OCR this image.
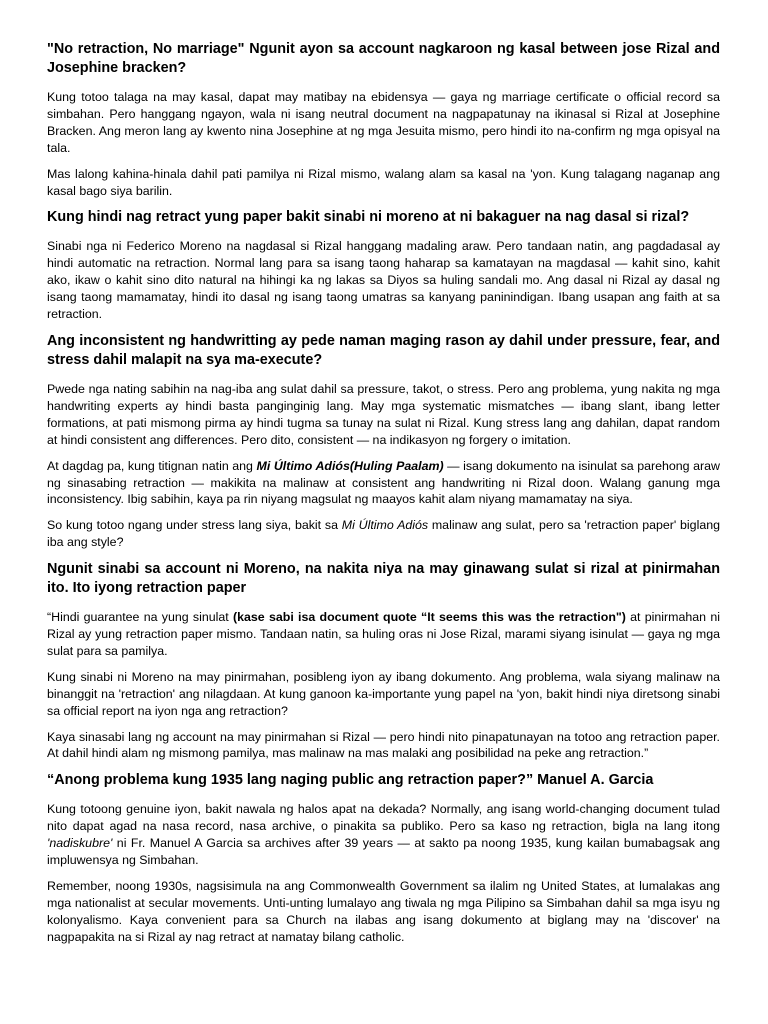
"No retraction, No marriage" Ngunit ayon sa account nagkaroon ng kasal between jose Rizal and Josephine bracken?

Kung totoo talaga na may kasal, dapat may matibay na ebidensya — gaya ng marriage certificate o official record sa simbahan. Pero hanggang ngayon, wala ni isang neutral document na nagpapatunay na ikinasal si Rizal at Josephine Bracken. Ang meron lang ay kwento nina Josephine at ng mga Jesuita mismo, pero hindi ito na-confirm ng mga opisyal na tala.

Mas lalong kahina-hinala dahil pati pamilya ni Rizal mismo, walang alam sa kasal na 'yon. Kung talagang naganap ang kasal bago siya barilin.

Kung hindi nag retract yung paper bakit sinabi ni moreno at ni bakaguer na nag dasal si rizal?

Sinabi nga ni Federico Moreno na nagdasal si Rizal hanggang madaling araw. Pero tandaan natin, ang pagdadasal ay hindi automatic na retraction. Normal lang para sa isang taong haharap sa kamatayan na magdasal — kahit sino, kahit ako, ikaw o kahit sino dito natural na hihingi ka ng lakas sa Diyos sa huling sandali mo. Ang dasal ni Rizal ay dasal ng isang taong mamamatay, hindi ito dasal ng isang taong umatras sa kanyang paninindigan. Ibang usapan ang faith at sa retraction.

Ang inconsistent ng handwritting ay pede naman maging rason ay dahil under pressure, fear, and stress dahil malapit na sya ma-execute?

Pwede nga nating sabihin na nag-iba ang sulat dahil sa pressure, takot, o stress. Pero ang problema, yung nakita ng mga handwriting experts ay hindi basta panginginig lang. May mga systematic mismatches — ibang slant, ibang letter formations, at pati mismong pirma ay hindi tugma sa tunay na sulat ni Rizal. Kung stress lang ang dahilan, dapat random at hindi consistent ang differences. Pero dito, consistent — na indikasyon ng forgery o imitation.

At dagdag pa, kung titignan natin ang Mi Último Adiós(Huling Paalam) — isang dokumento na isinulat sa parehong araw ng sinasabing retraction — makikita na malinaw at consistent ang handwriting ni Rizal doon. Walang ganung mga inconsistency. Ibig sabihin, kaya pa rin niyang magsulat ng maayos kahit alam niyang mamamatay na siya.

So kung totoo ngang under stress lang siya, bakit sa Mi Último Adiós malinaw ang sulat, pero sa 'retraction paper' biglang iba ang style?

Ngunit sinabi sa account ni Moreno, na nakita niya na may ginawang sulat si rizal at pinirmahan ito. Ito iyong retraction paper

“Hindi guarantee na yung sinulat (kase sabi isa document quote “It seems this was the retraction") at pinirmahan ni Rizal ay yung retraction paper mismo. Tandaan natin, sa huling oras ni Jose Rizal, marami siyang isinulat — gaya ng mga sulat para sa pamilya.

Kung sinabi ni Moreno na may pinirmahan, posibleng iyon ay ibang dokumento. Ang problema, wala siyang malinaw na binanggit na 'retraction' ang nilagdaan. At kung ganoon ka-importante yung papel na 'yon, bakit hindi niya diretsong sinabi sa official report na iyon nga ang retraction?

Kaya sinasabi lang ng account na may pinirmahan si Rizal — pero hindi nito pinapatunayan na totoo ang retraction paper. At dahil hindi alam ng mismong pamilya, mas malinaw na mas malaki ang posibilidad na peke ang retraction.”

“Anong problema kung 1935 lang naging public ang retraction paper?” Manuel A. Garcia

Kung totoong genuine iyon, bakit nawala ng halos apat na dekada? Normally, ang isang world-changing document tulad nito dapat agad na nasa record, nasa archive, o pinakita sa publiko. Pero sa kaso ng retraction, bigla na lang itong 'nadiskubre' ni Fr. Manuel A Garcia sa archives after 39 years — at sakto pa noong 1935, kung kailan bumabagsak ang impluwensya ng Simbahan.

Remember, noong 1930s, nagsisimula na ang Commonwealth Government sa ilalim ng United States, at lumalakas ang mga nationalist at secular movements. Unti-unting lumalayo ang tiwala ng mga Pilipino sa Simbahan dahil sa mga isyu ng kolonyalismo. Kaya convenient para sa Church na ilabas ang isang dokumento at biglang may na 'discover' na nagpapakita na si Rizal ay nag retract at namatay bilang catholic.
